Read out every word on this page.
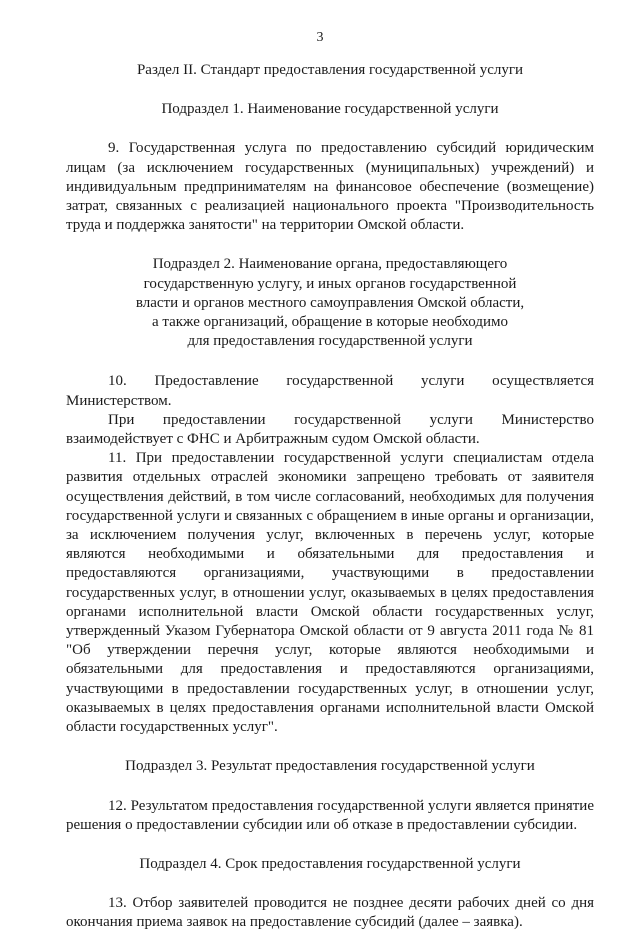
3

Раздел II. Стандарт предоставления государственной услуги

Подраздел 1. Наименование государственной услуги

9. Государственная услуга по предоставлению субсидий юридическим лицам (за исключением государственных (муниципальных) учреждений) и индивидуальным предпринимателям на финансовое обеспечение (возмещение) затрат, связанных с реализацией национального проекта "Производительность труда и поддержка занятости" на территории Омской области.

Подраздел 2. Наименование органа, предоставляющего
государственную услугу, и иных органов государственной
власти и органов местного самоуправления Омской области,
а также организаций, обращение в которые необходимо
для предоставления государственной услуги

10. Предоставление государственной услуги осуществляется Министерством.

При предоставлении государственной услуги Министерство взаимодействует с ФНС и Арбитражным судом Омской области.

11. При предоставлении государственной услуги специалистам отдела развития отдельных отраслей экономики запрещено требовать от заявителя осуществления действий, в том числе согласований, необходимых для получения государственной услуги и связанных с обращением в иные органы и организации, за исключением получения услуг, включенных в перечень услуг, которые являются необходимыми и обязательными для предоставления и предоставляются организациями, участвующими в предоставлении государственных услуг, в отношении услуг, оказываемых в целях предоставления органами исполнительной власти Омской области государственных услуг, утвержденный Указом Губернатора Омской области от 9 августа 2011 года № 81 "Об утверждении перечня услуг, которые являются необходимыми и обязательными для предоставления и предоставляются организациями, участвующими в предоставлении государственных услуг, в отношении услуг, оказываемых в целях предоставления органами исполнительной власти Омской области государственных услуг".

Подраздел 3. Результат предоставления государственной услуги

12. Результатом предоставления государственной услуги является принятие решения о предоставлении субсидии или об отказе в предоставлении субсидии.

Подраздел 4. Срок предоставления государственной услуги

13. Отбор заявителей проводится не позднее десяти рабочих дней со дня окончания приема заявок на предоставление субсидий (далее – заявка).
